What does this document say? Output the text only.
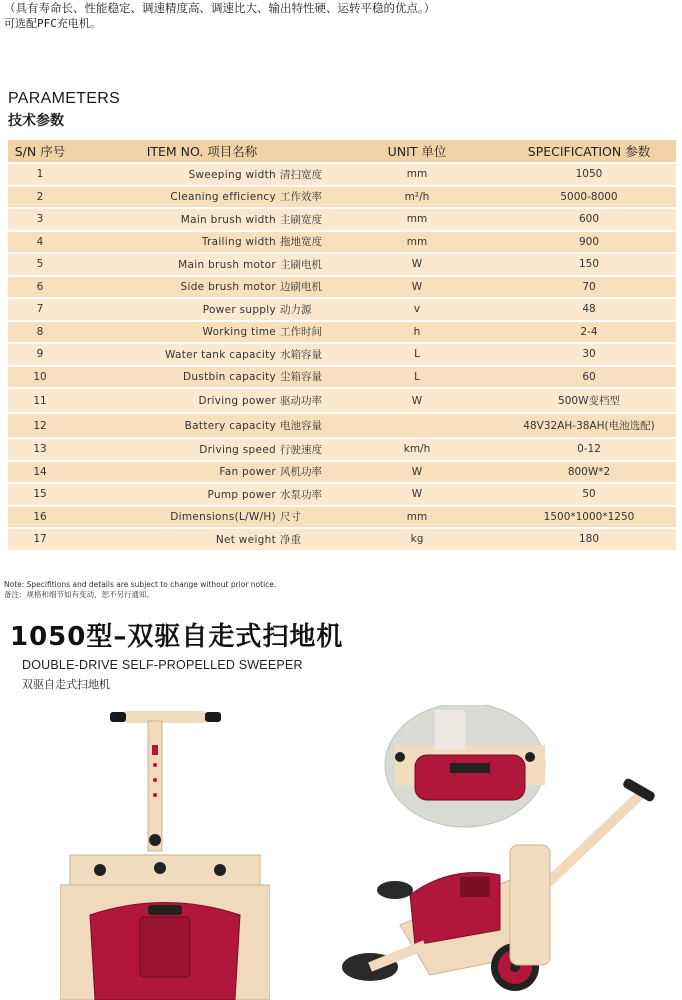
（具有寿命长、性能稳定、调速精度高、调速比大、输出特性硬、运转平稳的优点。）
可选配PFC充电机。
PARAMETERS
技术参数
S/N 序号	ITEM NO. 项目名称	UNIT 单位	SPECIFICATION 参数
1	Sweeping width 清扫宽度	mm	1050
2	Cleaning efficiency 工作效率	m²/h	5000-8000
3	Main brush width 主刷宽度	mm	600
4	Trailing width 拖地宽度	mm	900
5	Main brush motor 主刷电机	W	150
6	Side brush motor 边刷电机	W	70
7	Power supply 动力源	v	48
8	Working time 工作时间	h	2-4
9	Water tank capacity 水箱容量	L	30
10	Dustbin capacity 尘箱容量	L	60
11	Driving power 驱动功率	W	500W变档型
12	Battery capacity 电池容量		48V32AH-38AH(电池选配)
13	Driving speed 行驶速度	km/h	0-12
14	Fan power 风机功率	W	800W*2
15	Pump power 水泵功率	W	50
16	Dimensions(L/W/H) 尺寸	mm	1500*1000*1250
17	Net weight 净重	kg	180
Note: Specifitions and details are subject to change without prior notice.
备注：规格和细节如有变动，恕不另行通知。
1050型–双驱自走式扫地机
DOUBLE-DRIVE SELF-PROPELLED SWEEPER
双驱自走式扫地机
